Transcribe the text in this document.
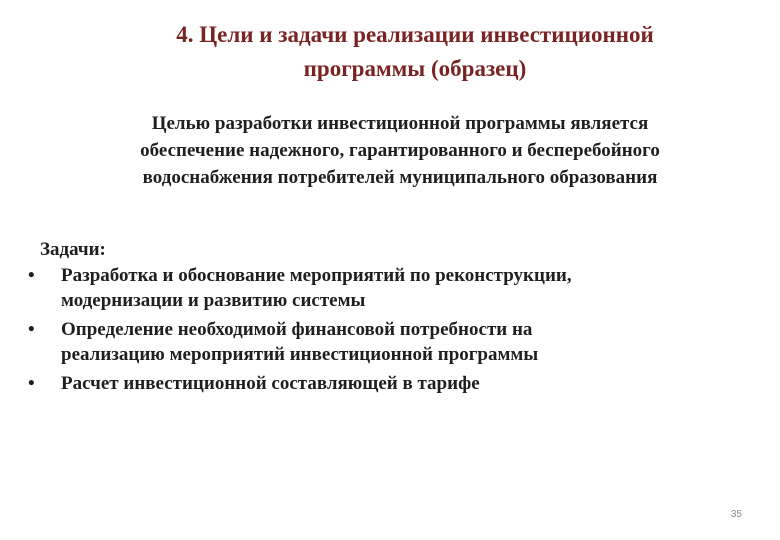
4. Цели и задачи реализации инвестиционной
программы (образец)
Целью разработки инвестиционной программы является
обеспечение надежного, гарантированного и бесперебойного
водоснабжения потребителей муниципального образования
Задачи:
• Разработка и обоснование мероприятий по реконструкции,
модернизации и развитию системы
• Определение необходимой финансовой потребности на
реализацию мероприятий инвестиционной программы
• Расчет инвестиционной составляющей в тарифе
35
